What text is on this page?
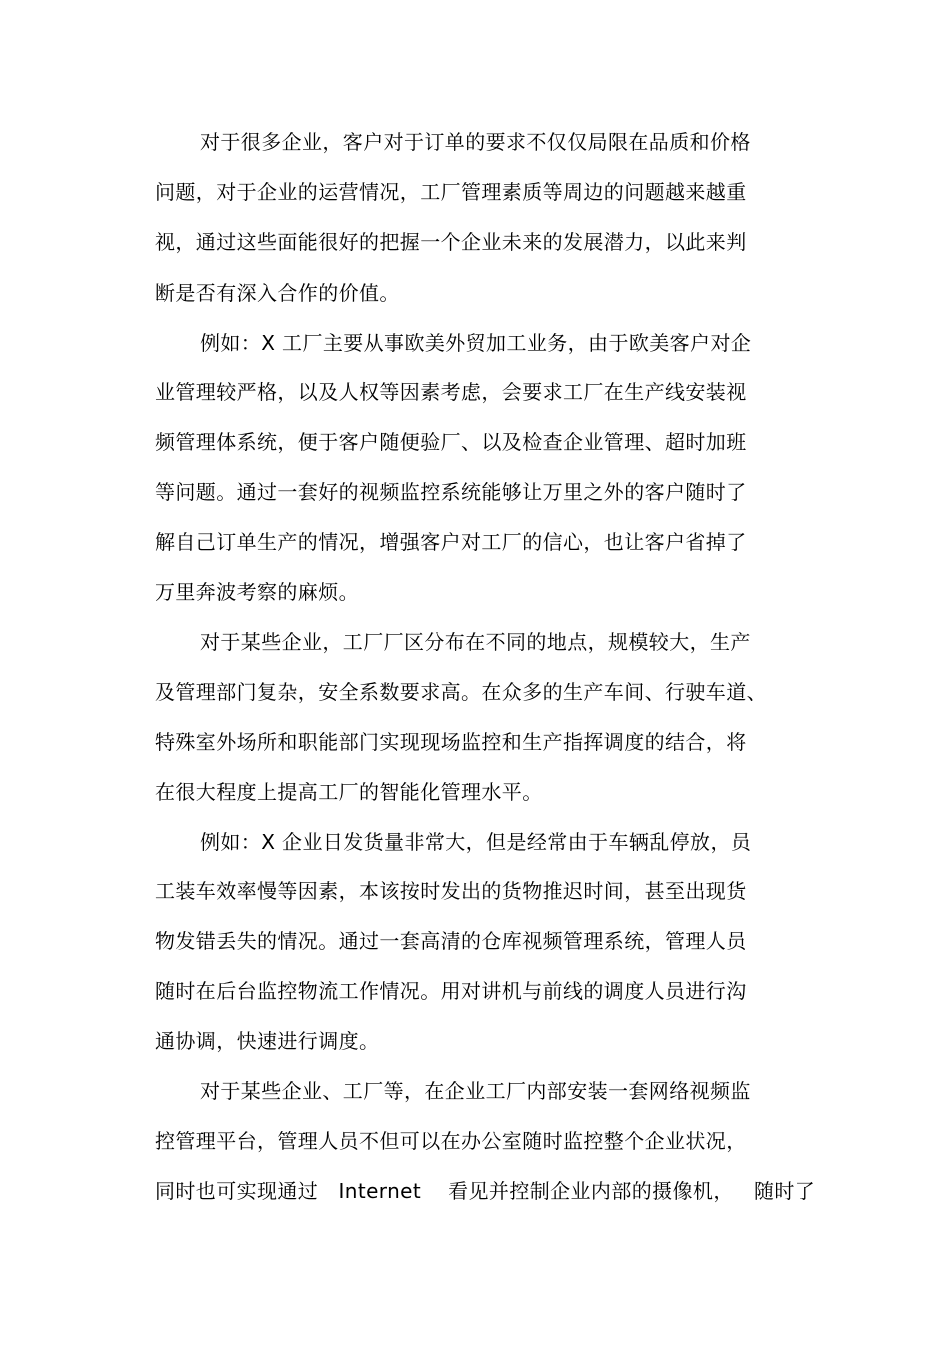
对于很多企业，客户对于订单的要求不仅仅局限在品质和价格
问题，对于企业的运营情况，工厂管理素质等周边的问题越来越重
视，通过这些面能很好的把握一个企业未来的发展潜力，以此来判
断是否有深入合作的价值。
例如：X 工厂主要从事欧美外贸加工业务，由于欧美客户对企
业管理较严格，以及人权等因素考虑，会要求工厂在生产线安装视
频管理体系统，便于客户随便验厂、以及检查企业管理、超时加班
等问题。通过一套好的视频监控系统能够让万里之外的客户随时了
解自己订单生产的情况，增强客户对工厂的信心，也让客户省掉了
万里奔波考察的麻烦。
对于某些企业，工厂厂区分布在不同的地点，规模较大，生产
及管理部门复杂，安全系数要求高。在众多的生产车间、行驶车道、
特殊室外场所和职能部门实现现场监控和生产指挥调度的结合，将
在很大程度上提高工厂的智能化管理水平。
例如：X 企业日发货量非常大，但是经常由于车辆乱停放，员
工装车效率慢等因素，本该按时发出的货物推迟时间，甚至出现货
物发错丢失的情况。通过一套高清的仓库视频管理系统，管理人员
随时在后台监控物流工作情况。用对讲机与前线的调度人员进行沟
通协调，快速进行调度。
对于某些企业、工厂等，在企业工厂内部安装一套网络视频监
控管理平台，管理人员不但可以在办公室随时监控整个企业状况，
同时也可实现通过   Internet    看见并控制企业内部的摄像机，   随时了
